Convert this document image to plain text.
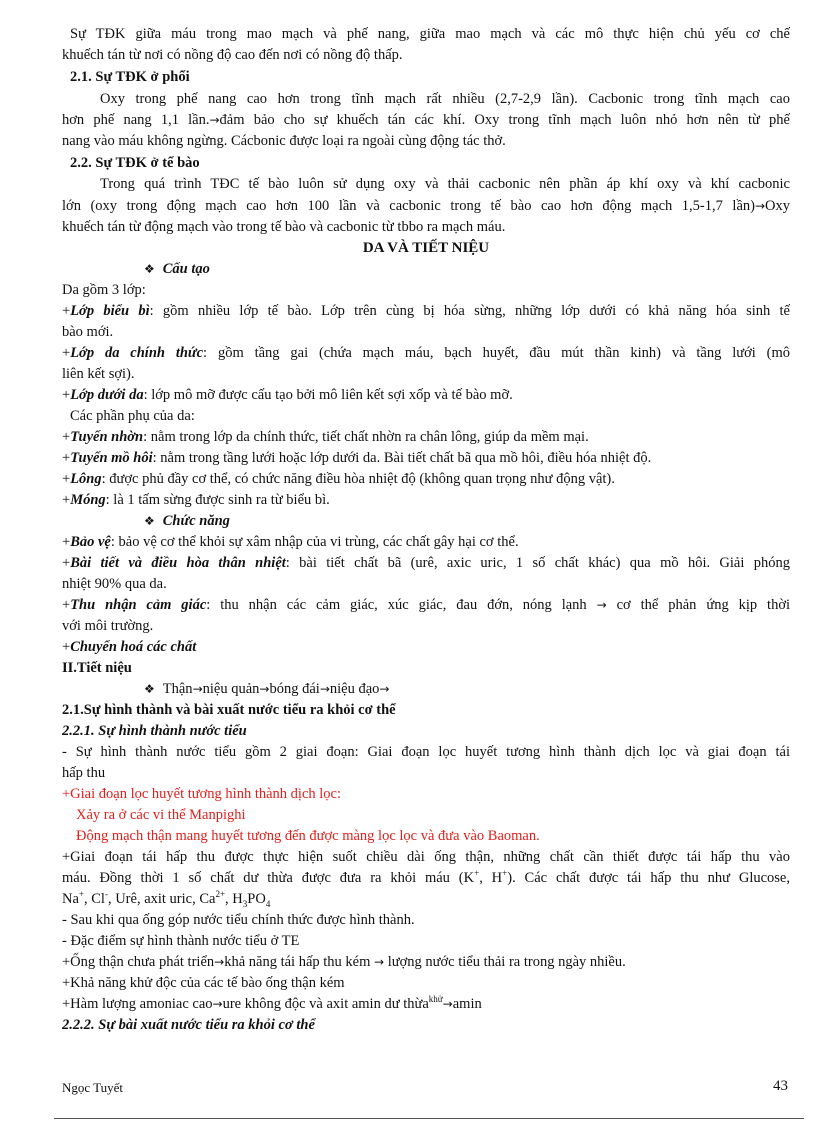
Sự TĐK giữa máu trong mao mạch và phế nang, giữa mao mạch và các mô thực hiện chủ yếu cơ chế
khuếch tán từ nơi có nồng độ cao đến nơi có nồng độ thấp.
2.1. Sự TĐK ở phổi
Oxy trong phế nang cao hơn trong tĩnh mạch rất nhiều (2,7-2,9 lần). Cacbonic trong tĩnh mạch cao
hơn phế nang 1,1 lần.→đảm bảo cho sự khuếch tán các khí. Oxy trong tĩnh mạch luôn nhỏ hơn nên từ phế
nang vào máu không ngừng. Cácbonic được loại ra ngoài cùng động tác thở.
2.2. Sự TĐK ở tế bào
Trong quá trình TĐC tế bào luôn sử dụng oxy và thải cacbonic nên phần áp khí oxy và khí cacbonic
lớn (oxy trong động mạch cao hơn 100 lần và cacbonic trong tế bào cao hơn động mạch 1,5-1,7 lần)→Oxy
khuếch tán từ động mạch vào trong tế bào và cacbonic từ tbbo ra mạch máu.
DA VÀ TIẾT NIỆU
❖ Cấu tạo
Da gồm 3 lớp:
+Lớp biểu bì: gồm nhiều lớp tế bào. Lớp trên cùng bị hóa sừng, những lớp dưới có khả năng hóa sinh tế
bào mới.
+Lớp da chính thức: gồm tầng gai (chứa mạch máu, bạch huyết, đầu mút thần kinh) và tầng lưới (mô
liên kết sợi).
+Lớp dưới da: lớp mô mỡ được cấu tạo bởi mô liên kết sợi xốp và tế bào mỡ.
Các phần phụ của da:
+Tuyến nhờn: nằm trong lớp da chính thức, tiết chất nhờn ra chân lông, giúp da mềm mại.
+Tuyến mồ hôi: nằm trong tầng lưới hoặc lớp dưới da. Bài tiết chất bã qua mồ hôi, điều hóa nhiệt độ.
+Lông: được phủ đầy cơ thể, có chức năng điều hòa nhiệt độ (không quan trọng như động vật).
+Móng: là 1 tấm sừng được sinh ra từ biểu bì.
❖ Chức năng
+Bảo vệ: bảo vệ cơ thể khỏi sự xâm nhập của vi trùng, các chất gây hại cơ thể.
+Bài tiết và điều hòa thân nhiệt: bài tiết chất bã (urê, axic uric, 1 số chất khác) qua mồ hôi. Giải phóng
nhiệt 90% qua da.
+Thu nhận cảm giác: thu nhận các cảm giác, xúc giác, đau đớn, nóng lạnh → cơ thể phản ứng kịp thời
với môi trường.
+Chuyển hoá các chất
II.Tiết niệu
❖ Thận→niệu quản→bóng đái→niệu đạo→
2.1.Sự hình thành và bài xuất nước tiểu ra khỏi cơ thể
2.2.1. Sự hình thành nước tiểu
- Sự hình thành nước tiểu gồm 2 giai đoạn: Giai đoạn lọc huyết tương hình thành dịch lọc và giai đoạn tái
hấp thu
+Giai đoạn lọc huyết tương hình thành dịch lọc:
Xảy ra ở các vi thể Manpighi
Động mạch thận mang huyết tương đến được màng lọc lọc và đưa vào Baoman.
+Giai đoạn tái hấp thu được thực hiện suốt chiều dài ống thận, những chất cần thiết được tái hấp thu vào
máu. Đồng thời 1 số chất dư thừa được đưa ra khỏi máu (K+, H+). Các chất được tái hấp thu như Glucose,
Na+, Cl-, Urê, axit uric, $Ca^{2+}$, $H_3PO_4$
- Sau khi qua ống góp nước tiểu chính thức được hình thành.
- Đặc điểm sự hình thành nước tiểu ở TE
+Ống thận chưa phát triển→khả năng tái hấp thu kém → lượng nước tiểu thải ra trong ngày nhiều.
+Khả năng khử độc của các tế bào ống thận kém
+Hàm lượng amoniac cao→ure không độc và axit amin dư thừa$^{khử}$→amin
2.2.2. Sự bài xuất nước tiểu ra khỏi cơ thể
Ngọc Tuyết	43
